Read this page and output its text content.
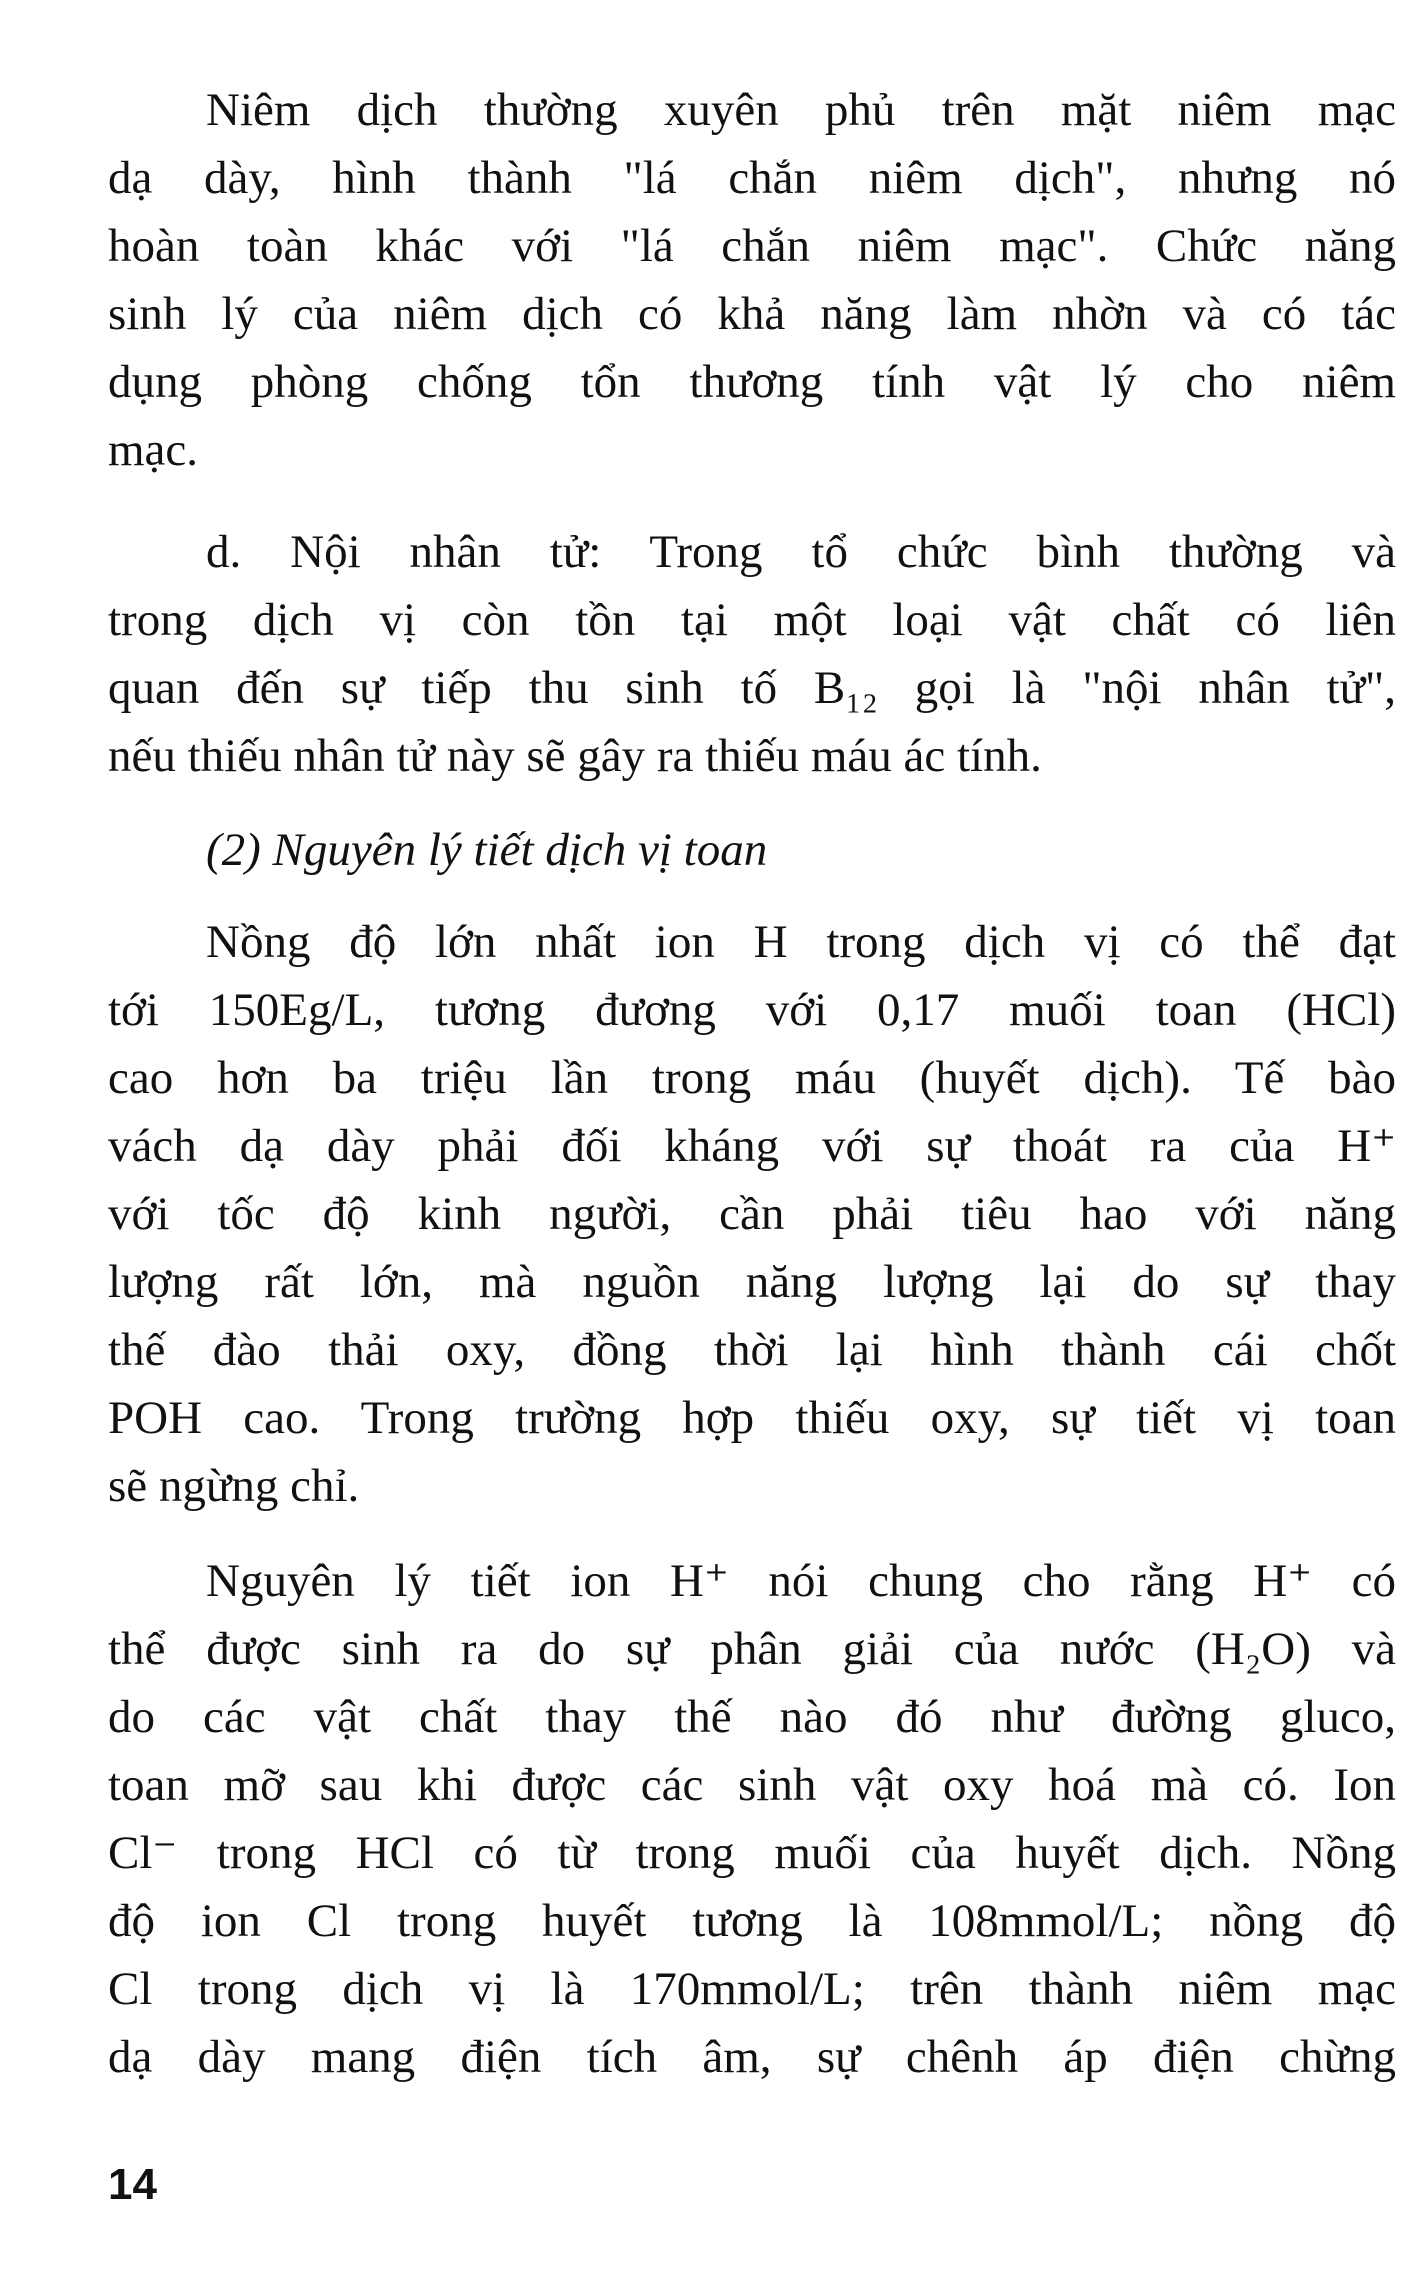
Niêm dịch thường xuyên phủ trên mặt niêm mạc
dạ dày, hình thành "lá chắn niêm dịch", nhưng nó
hoàn toàn khác với "lá chắn niêm mạc". Chức năng
sinh lý của niêm dịch có khả năng làm nhờn và có tác
dụng phòng chống tổn thương tính vật lý cho niêm
mạc.
d. Nội nhân tử: Trong tổ chức bình thường và
trong dịch vị còn tồn tại một loại vật chất có liên
quan đến sự tiếp thu sinh tố B₁₂ gọi là "nội nhân tử",
nếu thiếu nhân tử này sẽ gây ra thiếu máu ác tính.
(2) Nguyên lý tiết dịch vị toan
Nồng độ lớn nhất ion H trong dịch vị có thể đạt
tới 150Eg/L, tương đương với 0,17 muối toan (HCl)
cao hơn ba triệu lần trong máu (huyết dịch). Tế bào
vách dạ dày phải đối kháng với sự thoát ra của H⁺
với tốc độ kinh người, cần phải tiêu hao với năng
lượng rất lớn, mà nguồn năng lượng lại do sự thay
thế đào thải oxy, đồng thời lại hình thành cái chốt
POH cao. Trong trường hợp thiếu oxy, sự tiết vị toan
sẽ ngừng chỉ.
Nguyên lý tiết ion H⁺ nói chung cho rằng H⁺ có
thể được sinh ra do sự phân giải của nước (H₂O) và
do các vật chất thay thế nào đó như đường gluco,
toan mỡ sau khi được các sinh vật oxy hoá mà có. Ion
Cl⁻ trong HCl có từ trong muối của huyết dịch. Nồng
độ ion Cl trong huyết tương là 108mmol/L; nồng độ
Cl trong dịch vị là 170mmol/L; trên thành niêm mạc
dạ dày mang điện tích âm, sự chênh áp điện chừng
14
